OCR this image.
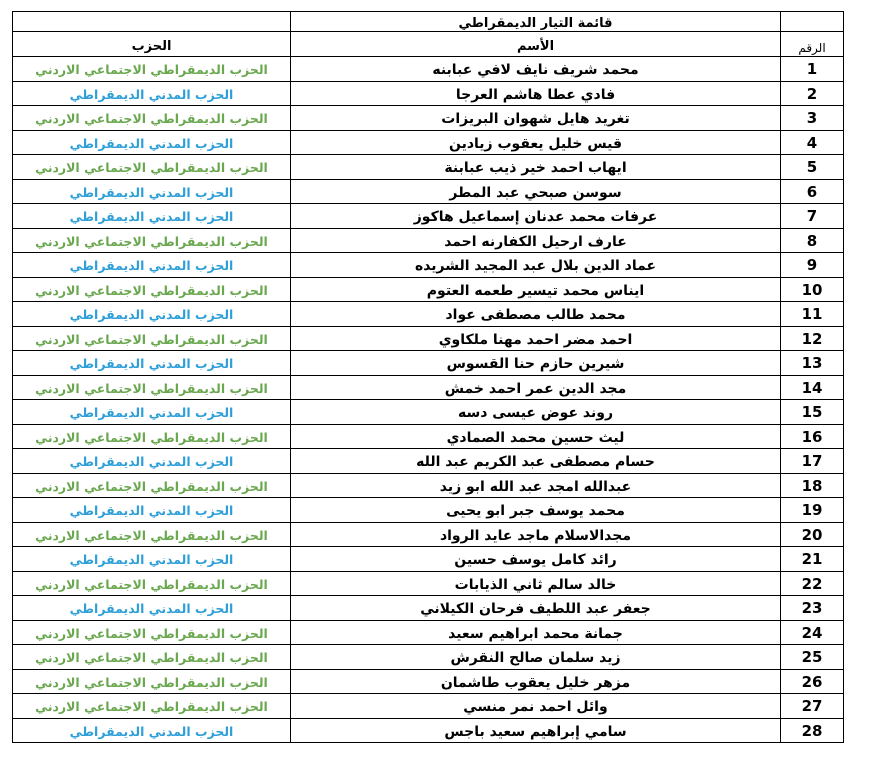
	قائمة التيار الديمقراطي	
الحزب	الأسم	الرقم
الحزب الديمقراطي الاجتماعي الاردني	محمد شريف نايف لافي عبابنه	1
الحزب المدني الديمقراطي	فادي عطا هاشم العرجا	2
الحزب الديمقراطي الاجتماعي الاردني	تغريد هايل شهوان البريزات	3
الحزب المدني الديمقراطي	قيس خليل يعقوب زيادين	4
الحزب الديمقراطي الاجتماعي الاردني	ايهاب احمد خير ذيب عبابنة	5
الحزب المدني الديمقراطي	سوسن صبحي عبد المطر	6
الحزب المدني الديمقراطي	عرفات محمد عدنان إسماعيل هاكوز	7
الحزب الديمقراطي الاجتماعي الاردني	عارف ارحيل الكفارنه احمد	8
الحزب المدني الديمقراطي	عماد الدين بلال عبد المجيد الشريده	9
الحزب الديمقراطي الاجتماعي الاردني	ايناس محمد تيسير طعمه العتوم	10
الحزب المدني الديمقراطي	محمد طالب مصطفى عواد	11
الحزب الديمقراطي الاجتماعي الاردني	احمد مضر احمد مهنا ملكاوي	12
الحزب المدني الديمقراطي	شيرين حازم حنا القسوس	13
الحزب الديمقراطي الاجتماعي الاردني	مجد الدين عمر احمد خمش	14
الحزب المدني الديمقراطي	روند عوض عيسى دسه	15
الحزب الديمقراطي الاجتماعي الاردني	ليث حسين محمد الصمادي	16
الحزب المدني الديمقراطي	حسام مصطفى عبد الكريم عبد الله	17
الحزب الديمقراطي الاجتماعي الاردني	عبدالله امجد عبد الله ابو زيد	18
الحزب المدني الديمقراطي	محمد يوسف جبر ابو يحيى	19
الحزب الديمقراطي الاجتماعي الاردني	مجدالاسلام ماجد عايد الرواد	20
الحزب المدني الديمقراطي	رائد كامل يوسف حسين	21
الحزب الديمقراطي الاجتماعي الاردني	خالد سالم ثاني الذيابات	22
الحزب المدني الديمقراطي	جعفر عبد اللطيف فرحان الكيلاني	23
الحزب الديمقراطي الاجتماعي الاردني	جمانة محمد ابراهيم سعيد	24
الحزب الديمقراطي الاجتماعي الاردني	زيد سلمان صالح النقرش	25
الحزب الديمقراطي الاجتماعي الاردني	مزهر خليل يعقوب طاشمان	26
الحزب الديمقراطي الاجتماعي الاردني	وائل احمد نمر منسي	27
الحزب المدني الديمقراطي	سامي إبراهيم سعيد باجس	28
